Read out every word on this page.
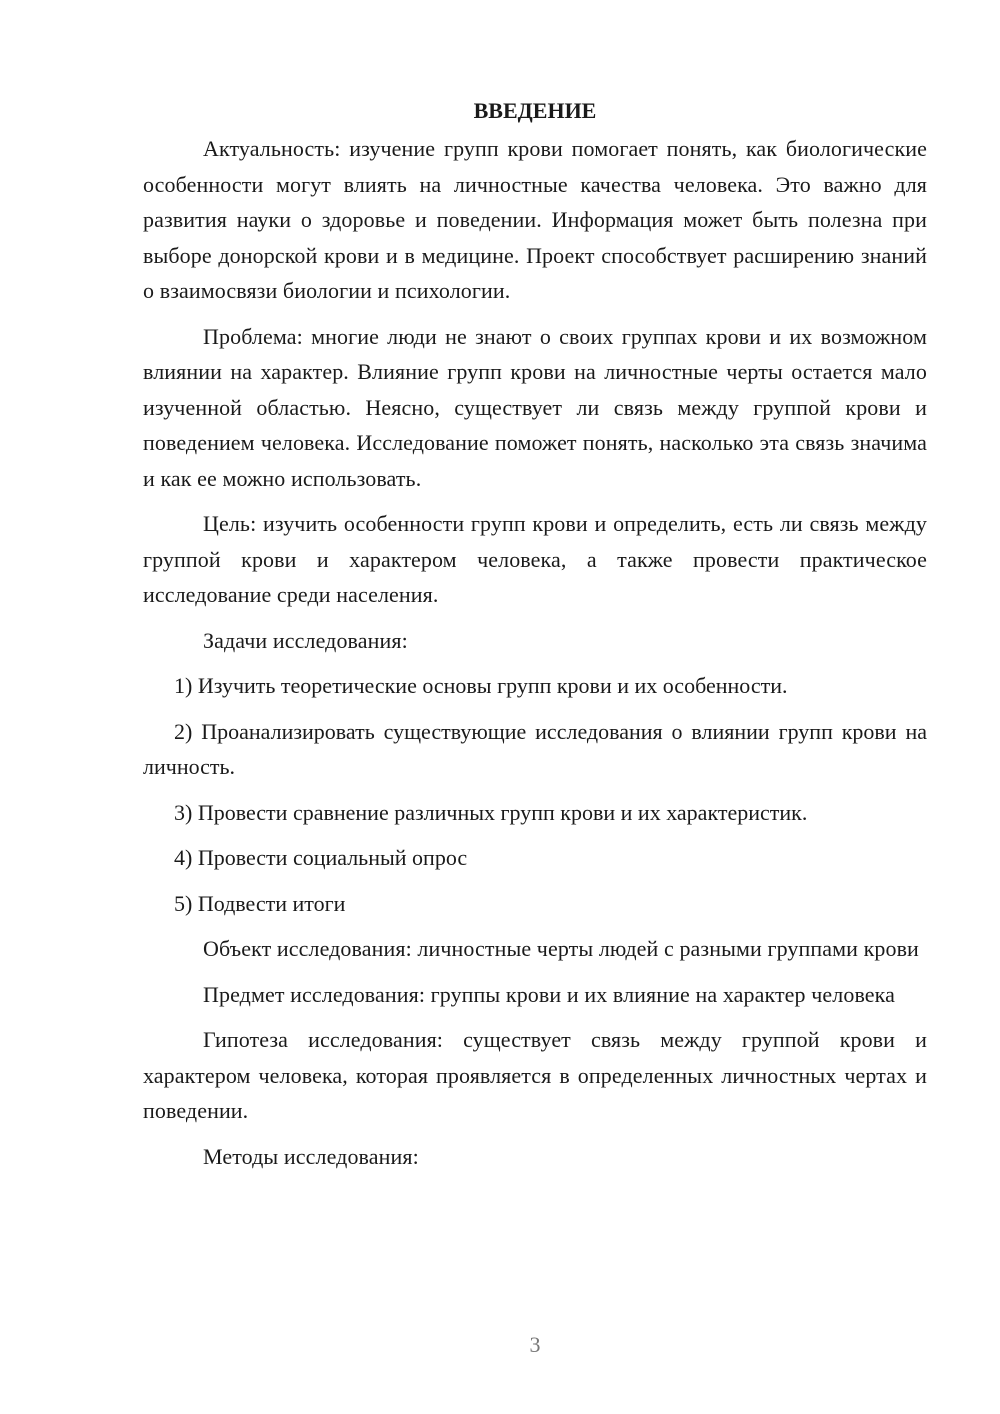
ВВЕДЕНИЕ

Актуальность: изучение групп крови помогает понять, как биологические особенности могут влиять на личностные качества человека. Это важно для развития науки о здоровье и поведении. Информация может быть полезна при выборе донорской крови и в медицине. Проект способствует расширению знаний о взаимосвязи биологии и психологии.

Проблема: многие люди не знают о своих группах крови и их возможном влиянии на характер. Влияние групп крови на личностные черты остается мало изученной областью. Неясно, существует ли связь между группой крови и поведением человека. Исследование поможет понять, насколько эта связь значима и как ее можно использовать.

Цель: изучить особенности групп крови и определить, есть ли связь между группой крови и характером человека, а также провести практическое исследование среди населения.

Задачи исследования:

1) Изучить теоретические основы групп крови и их особенности.

2) Проанализировать существующие исследования о влиянии групп крови на личность.

3) Провести сравнение различных групп крови и их характеристик.

4) Провести социальный опрос

5) Подвести итоги

Объект исследования: личностные черты людей с разными группами крови

Предмет исследования: группы крови и их влияние на характер человека

Гипотеза исследования: существует связь между группой крови и характером человека, которая проявляется в определенных личностных чертах и поведении.

Методы исследования:

3
